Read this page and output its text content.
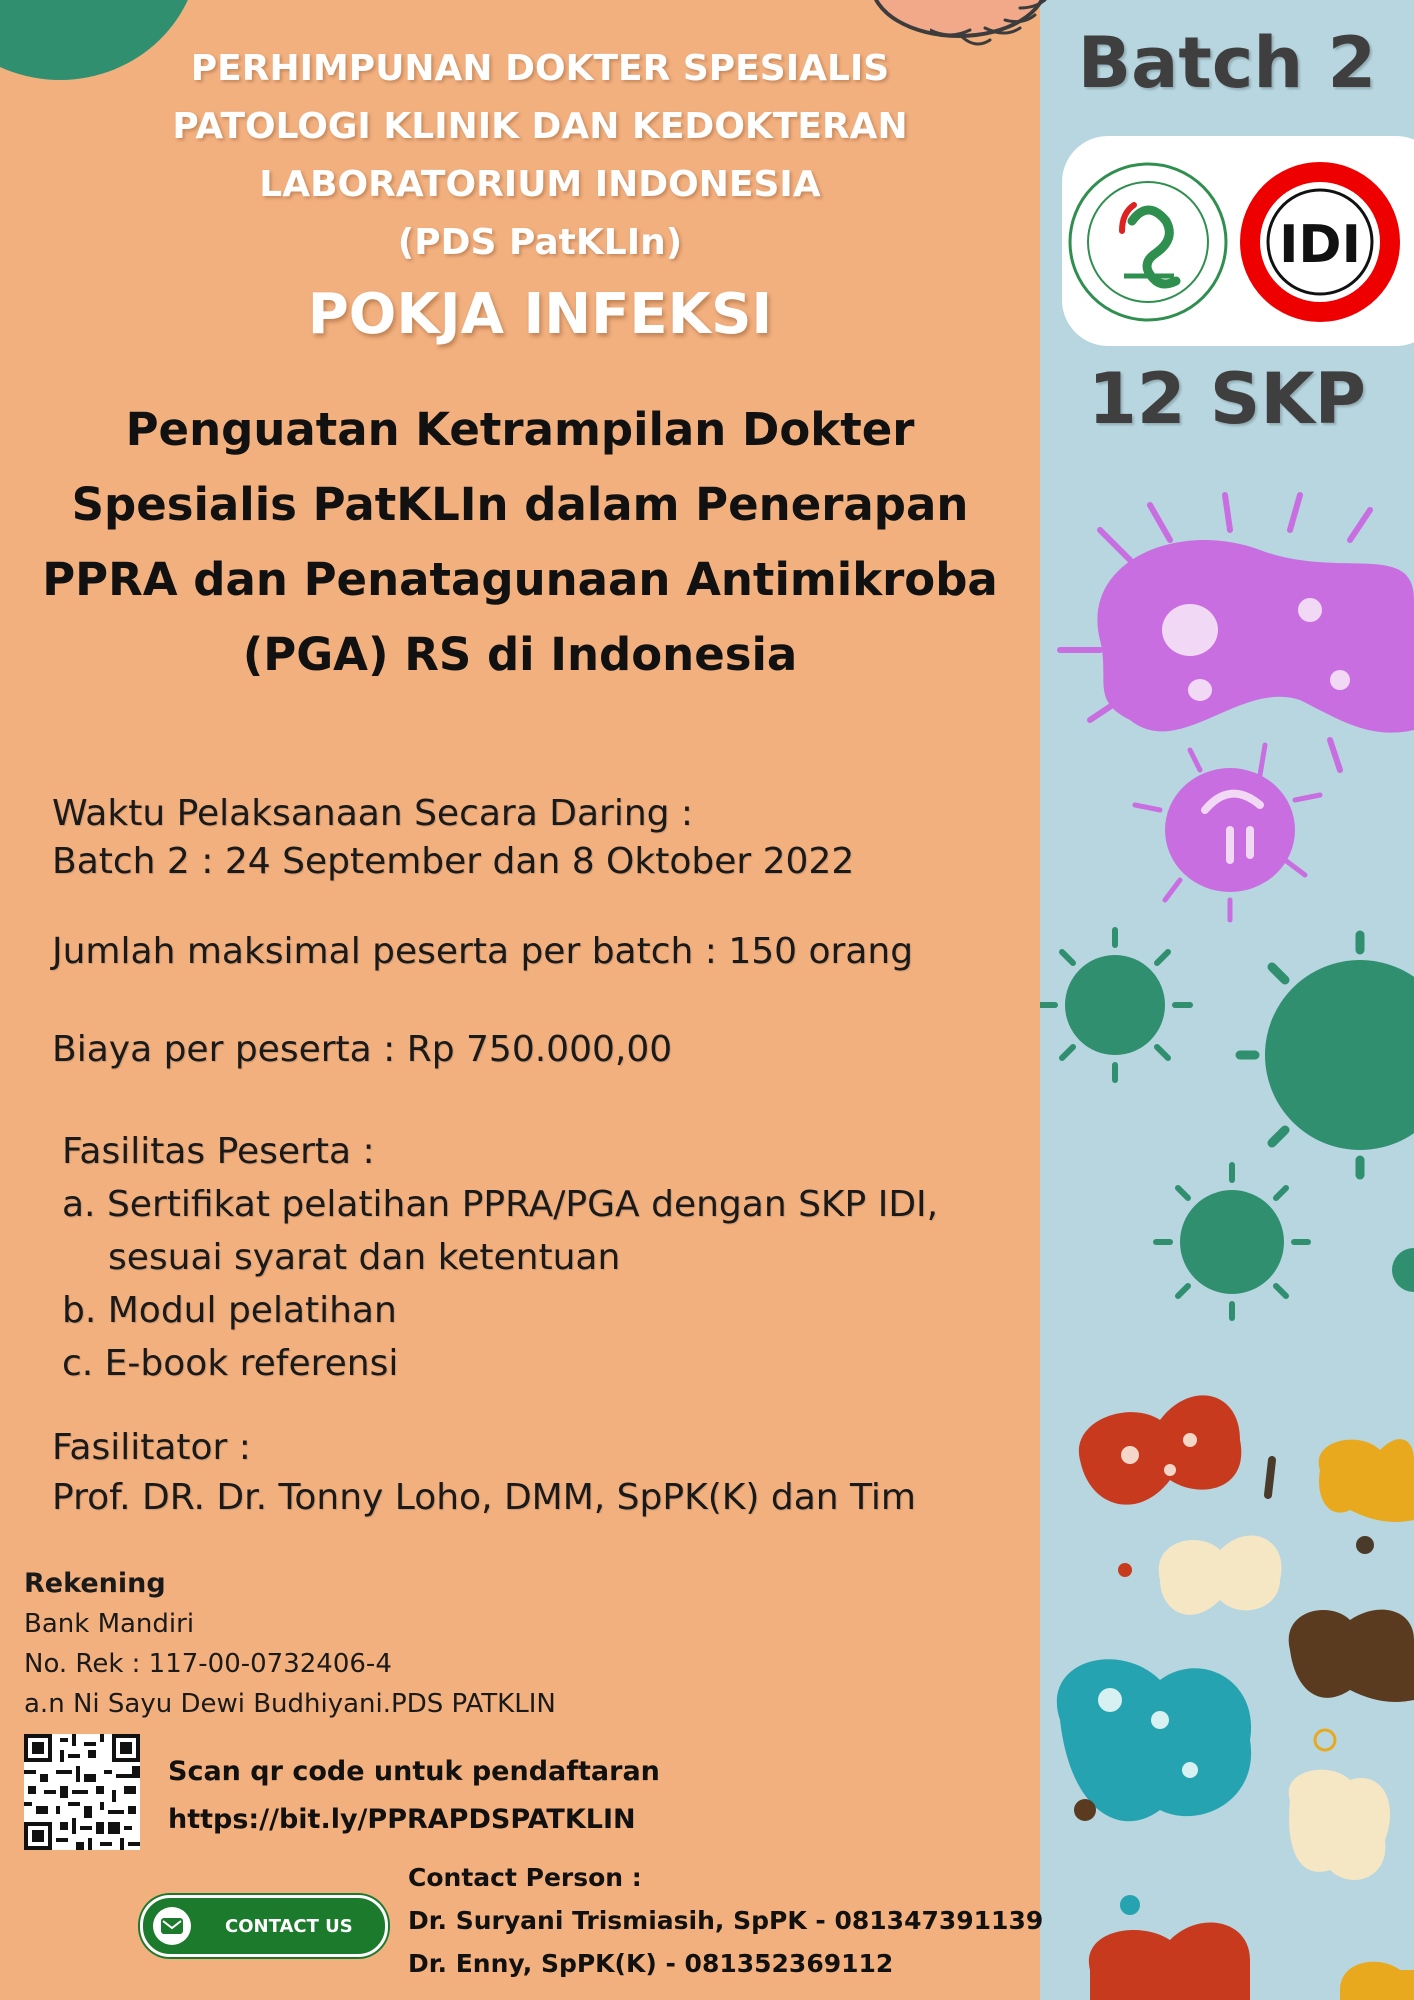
PERHIMPUNAN DOKTER SPESIALIS
PATOLOGI KLINIK DAN KEDOKTERAN
LABORATORIUM INDONESIA
(PDS PatKLIn)
POKJA INFEKSI
Penguatan Ketrampilan Dokter
Spesialis PatKLIn dalam Penerapan
PPRA dan Penatagunaan Antimikroba
(PGA) RS di Indonesia
Waktu Pelaksanaan Secara Daring :
Batch 2 : 24 September dan 8 Oktober 2022
Jumlah maksimal peserta per batch : 150 orang
Biaya per peserta : Rp 750.000,00
Fasilitas Peserta :
a. Sertifikat pelatihan PPRA/PGA dengan SKP IDI,
sesuai syarat dan ketentuan
b. Modul pelatihan
c. E-book referensi
Fasilitator :
Prof. DR. Dr. Tonny Loho, DMM, SpPK(K) dan Tim
Rekening
Bank Mandiri
No. Rek : 117-00-0732406-4
a.n Ni Sayu Dewi Budhiyani.PDS PATKLIN
Scan qr code untuk pendaftaran
https://bit.ly/PPRAPDSPATKLIN
CONTACT US
Contact Person :
Dr. Suryani Trismiasih, SpPK - 081347391139
Dr. Enny, SpPK(K) - 081352369112
Batch 2
IDI
12 SKP
